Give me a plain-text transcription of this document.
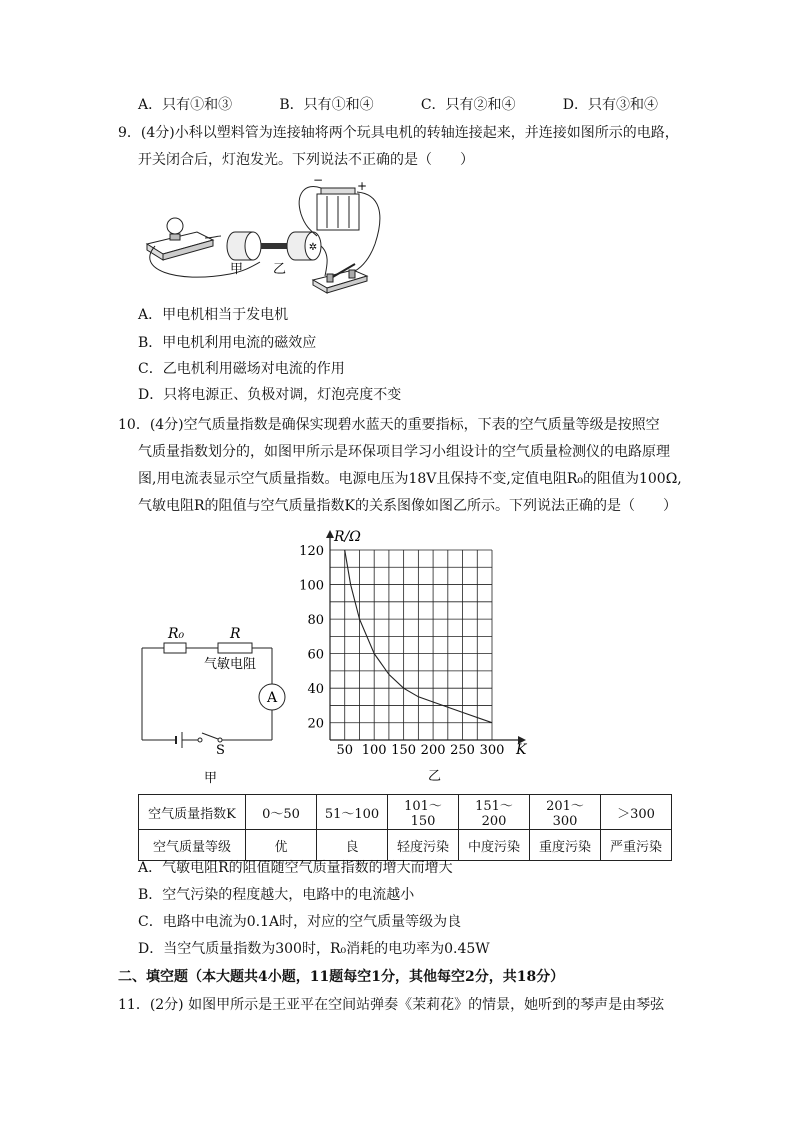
A．只有①和③	B．只有①和④	C．只有②和④	D．只有③和④
9．(4分)小科以塑料管为连接轴将两个玩具电机的转轴连接起来，并连接如图所示的电路，
开关闭合后，灯泡发光。下列说法不正确的是（　　）
✲
甲 乙
−	+
A．甲电机相当于发电机
B．甲电机利用电流的磁效应
C．乙电机利用磁场对电流的作用
D．只将电源正、负极对调，灯泡亮度不变
10．(4分)空气质量指数是确保实现碧水蓝天的重要指标，下表的空气质量等级是按照空
气质量指数划分的，如图甲所示是环保项目学习小组设计的空气质量检测仪的电路原理
图,用电流表显示空气质量指数。电源电压为18V且保持不变,定值电阻R₀的阻值为100Ω,
气敏电阻R的阻值与空气质量指数K的关系图像如图乙所示。下列说法正确的是（　　）
A
R₀	R
气敏电阻
S
甲
R/Ω
K
50 100 150 200 250 300
20
40
60
80
100
120
乙
空气质量指数K	0～50	51～100	101～150	151～200	201～300	＞300
空气质量等级	优	良	轻度污染	中度污染	重度污染	严重污染
A．气敏电阻R的阻值随空气质量指数的增大而增大
B．空气污染的程度越大，电路中的电流越小
C．电路中电流为0.1A时，对应的空气质量等级为良
D．当空气质量指数为300时，R₀消耗的电功率为0.45W
二、填空题（本大题共4小题，11题每空1分，其他每空2分，共18分）
11．(2分) 如图甲所示是王亚平在空间站弹奏《茉莉花》的情景，她听到的琴声是由琴弦
